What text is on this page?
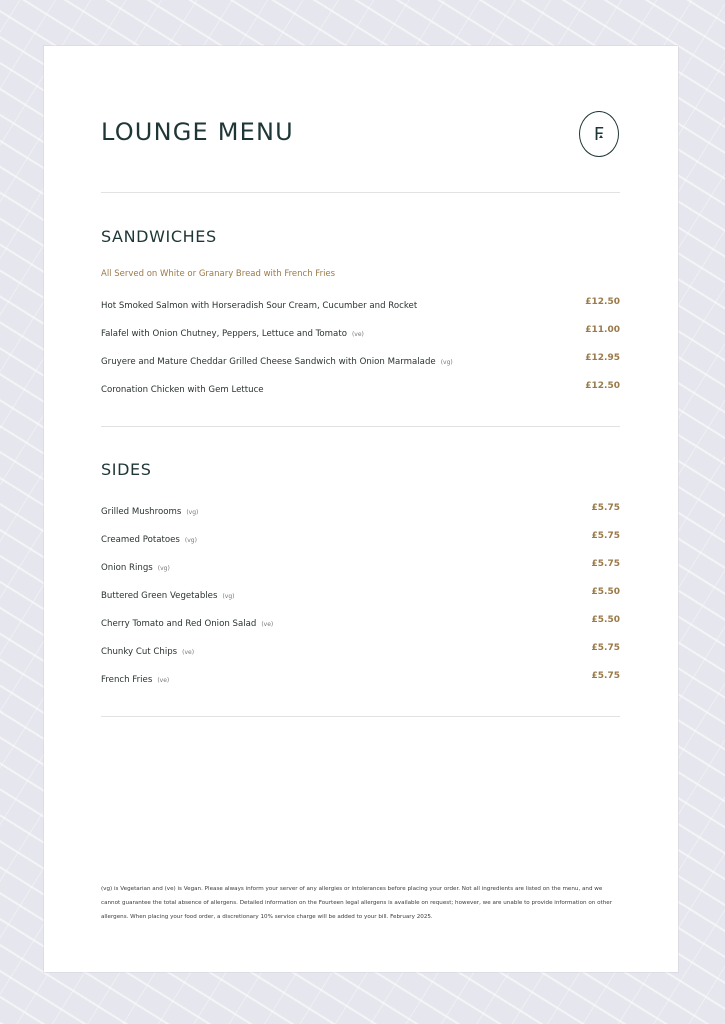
LOUNGE MENU	F
SANDWICHES
All Served on White or Granary Bread with French Fries
Hot Smoked Salmon with Horseradish Sour Cream, Cucumber and Rocket	£12.50
Falafel with Onion Chutney, Peppers, Lettuce and Tomato (ve)	£11.00
Gruyere and Mature Cheddar Grilled Cheese Sandwich with Onion Marmalade (vg)	£12.95
Coronation Chicken with Gem Lettuce	£12.50
SIDES
Grilled Mushrooms (vg)	£5.75
Creamed Potatoes (vg)	£5.75
Onion Rings (vg)	£5.75
Buttered Green Vegetables (vg)	£5.50
Cherry Tomato and Red Onion Salad (ve)	£5.50
Chunky Cut Chips (ve)	£5.75
French Fries (ve)	£5.75

(vg) is Vegetarian and (ve) is Vegan. Please always inform your server of any allergies or intolerances before placing your order. Not all ingredients are listed on the menu, and we cannot guarantee the total absence of allergens. Detailed information on the Fourteen legal allergens is available on request; however, we are unable to provide information on other allergens. When placing your food order, a discretionary 10% service charge will be added to your bill. February 2025.
